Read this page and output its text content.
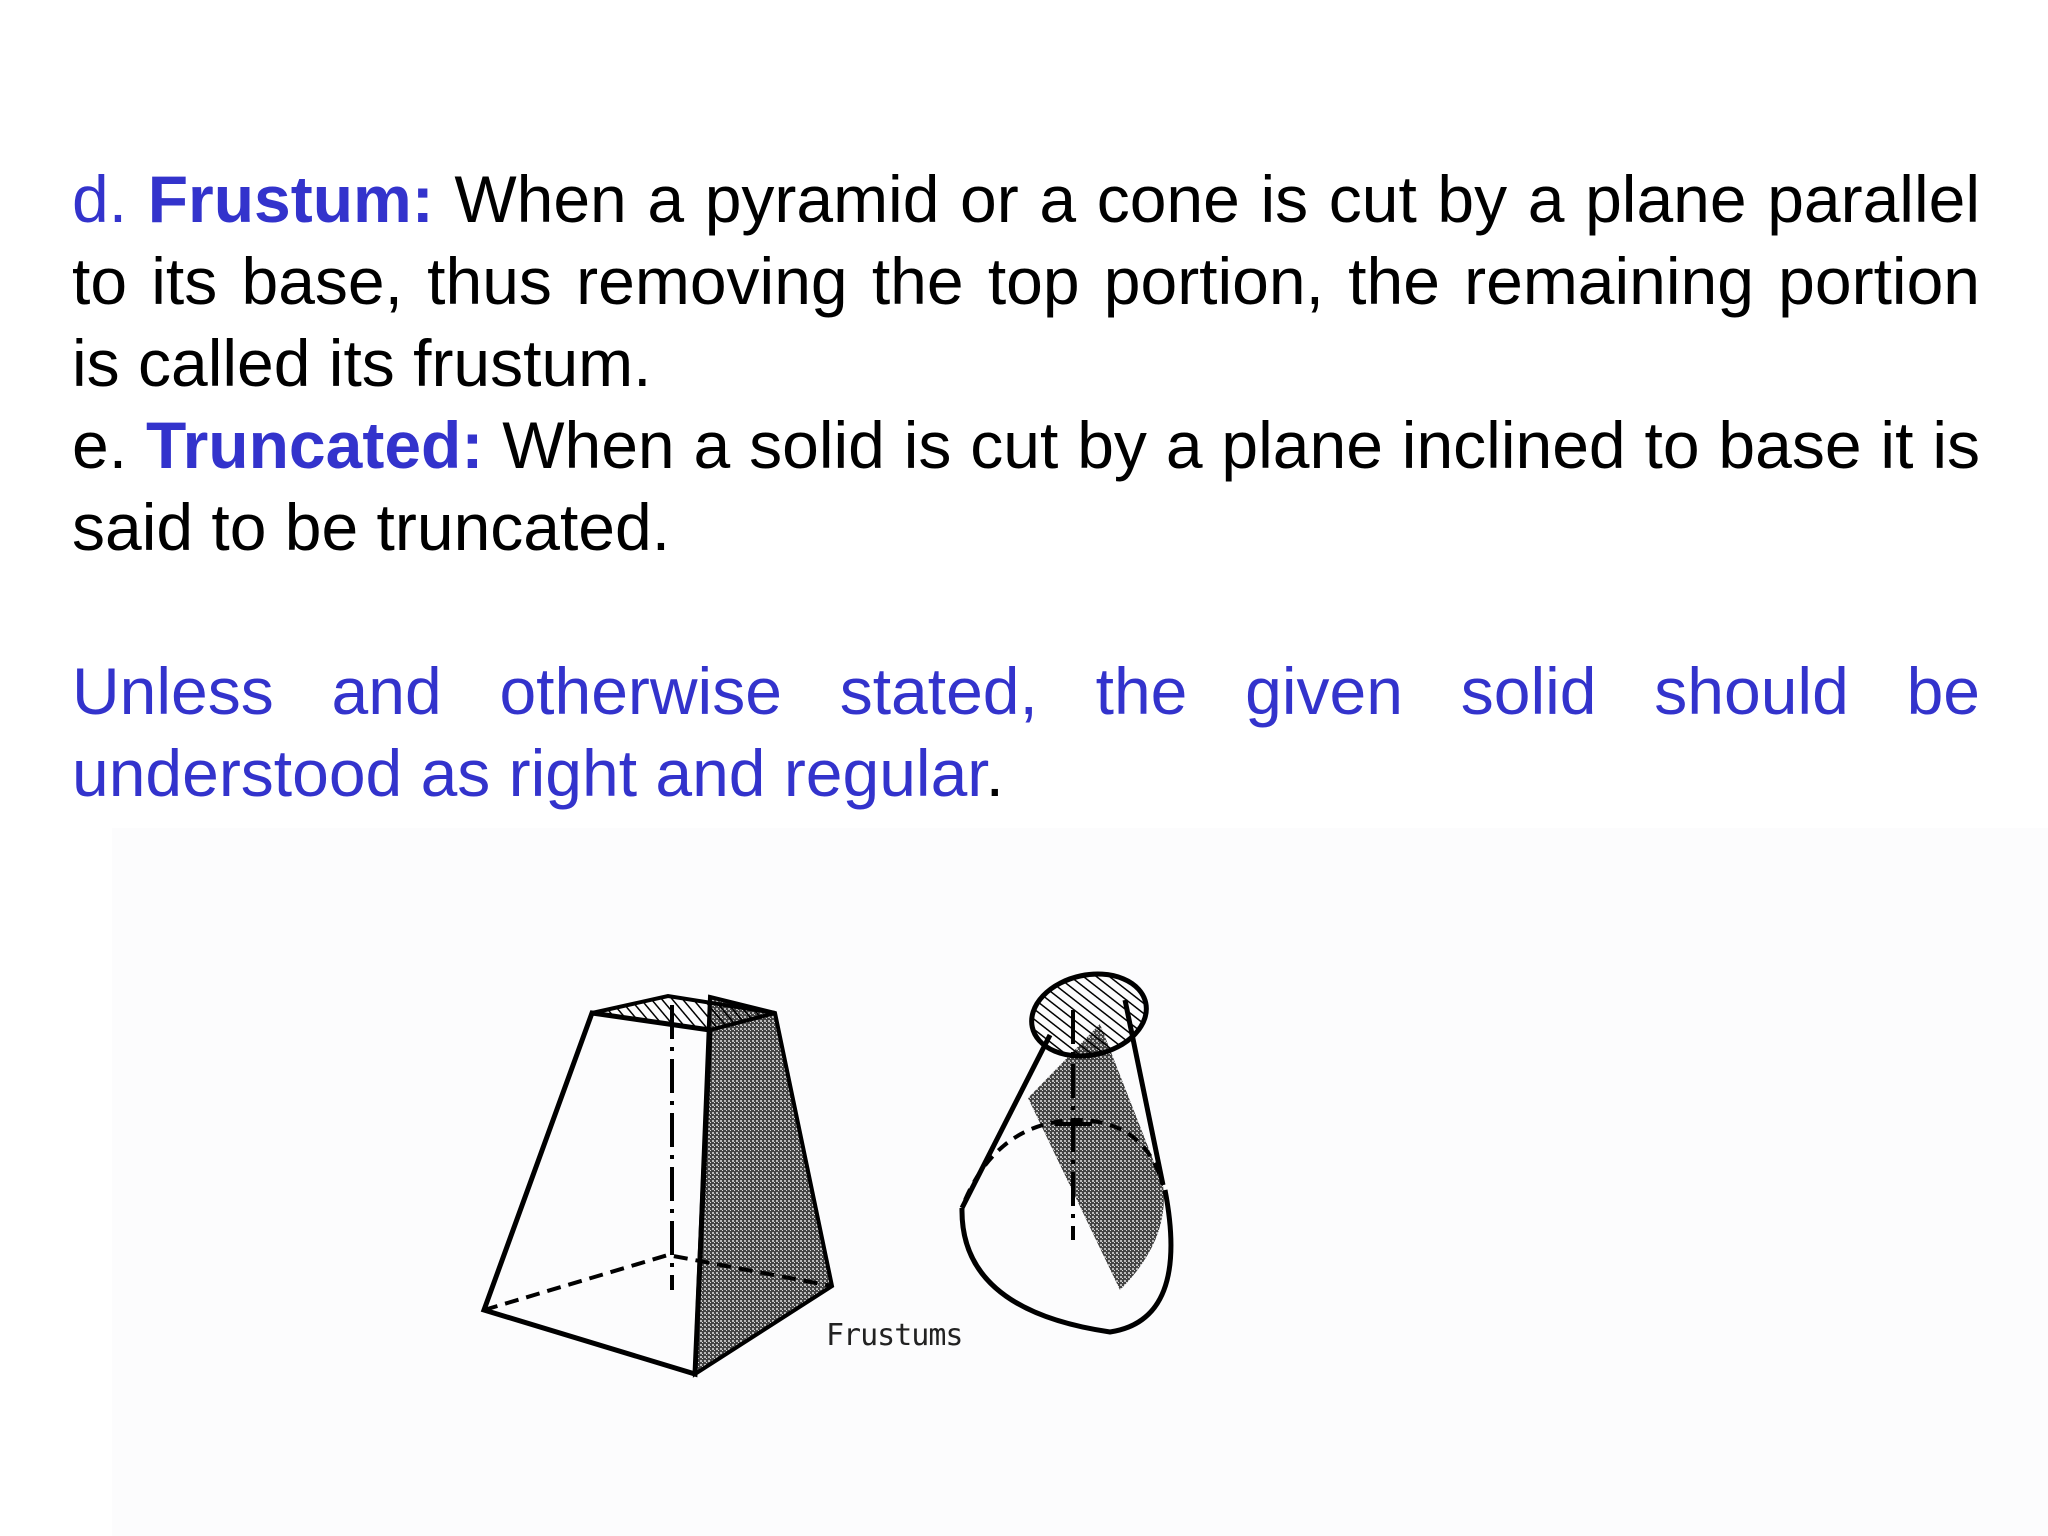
d. Frustum: When a pyramid or a cone is cut by a plane parallel to its base, thus removing the top portion, the remaining portion is called its frustum.

e. Truncated: When a solid is cut by a plane inclined to base it is said to be truncated.

Unless and otherwise stated, the given solid should be understood as right and regular.

Frustums
